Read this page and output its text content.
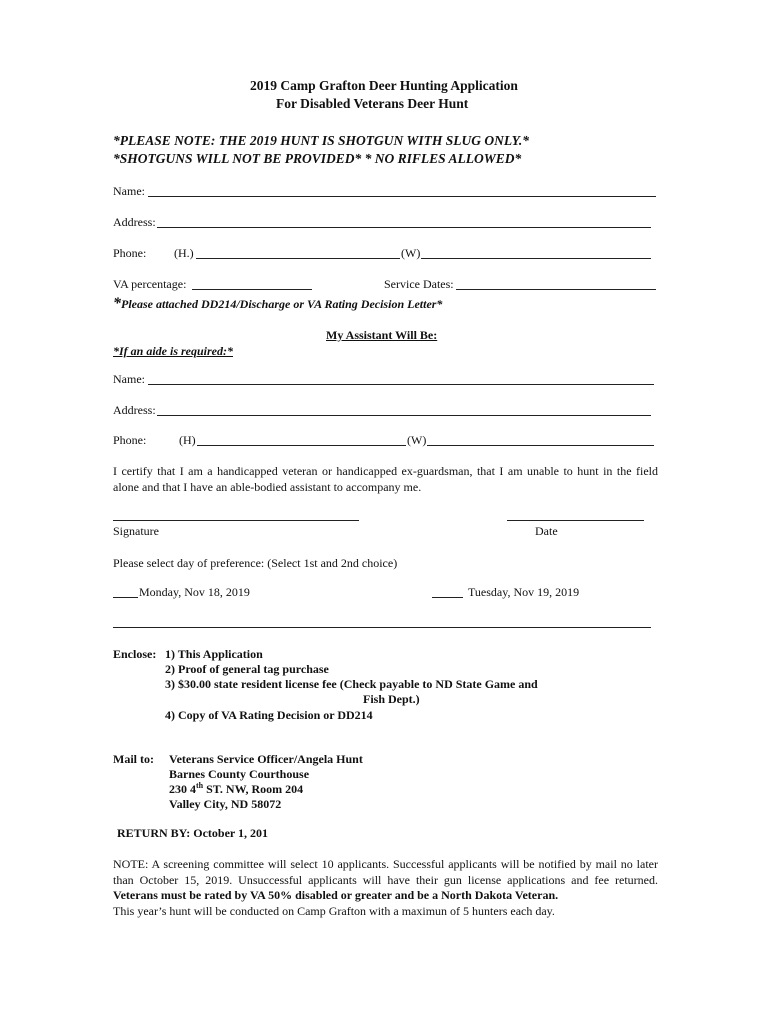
2019 Camp Grafton Deer Hunting Application
For Disabled Veterans Deer Hunt
*PLEASE NOTE: THE 2019 HUNT IS SHOTGUN WITH SLUG ONLY.*
*SHOTGUNS WILL NOT BE PROVIDED* * NO RIFLES ALLOWED*
Name:
Address:
Phone: (H.)	(W)
VA percentage:	Service Dates:
*Please attached DD214/Discharge or VA Rating Decision Letter*
My Assistant Will Be:
*If an aide is required:*
Name:
Address:
Phone:	(H)	(W)
I certify that I am a handicapped veteran or handicapped ex-guardsman, that I am unable to hunt in the field alone and that I have an able-bodied assistant to accompany me.
Signature	Date
Please select day of preference: (Select 1st and 2nd choice)
Monday, Nov 18, 2019	Tuesday, Nov 19, 2019
Enclose: 1) This Application
2) Proof of general tag purchase
3) $30.00 state resident license fee (Check payable to ND State Game and
Fish Dept.)
4) Copy of VA Rating Decision or DD214
Mail to: Veterans Service Officer/Angela Hunt
Barnes County Courthouse
230 4th ST. NW, Room 204
Valley City, ND 58072
RETURN BY: October 1, 201
NOTE: A screening committee will select 10 applicants. Successful applicants will be notified by mail no later than October 15, 2019. Unsuccessful applicants will have their gun license applications and fee returned. Veterans must be rated by VA 50% disabled or greater and be a North Dakota Veteran.
This year’s hunt will be conducted on Camp Grafton with a maximun of 5 hunters each day.
